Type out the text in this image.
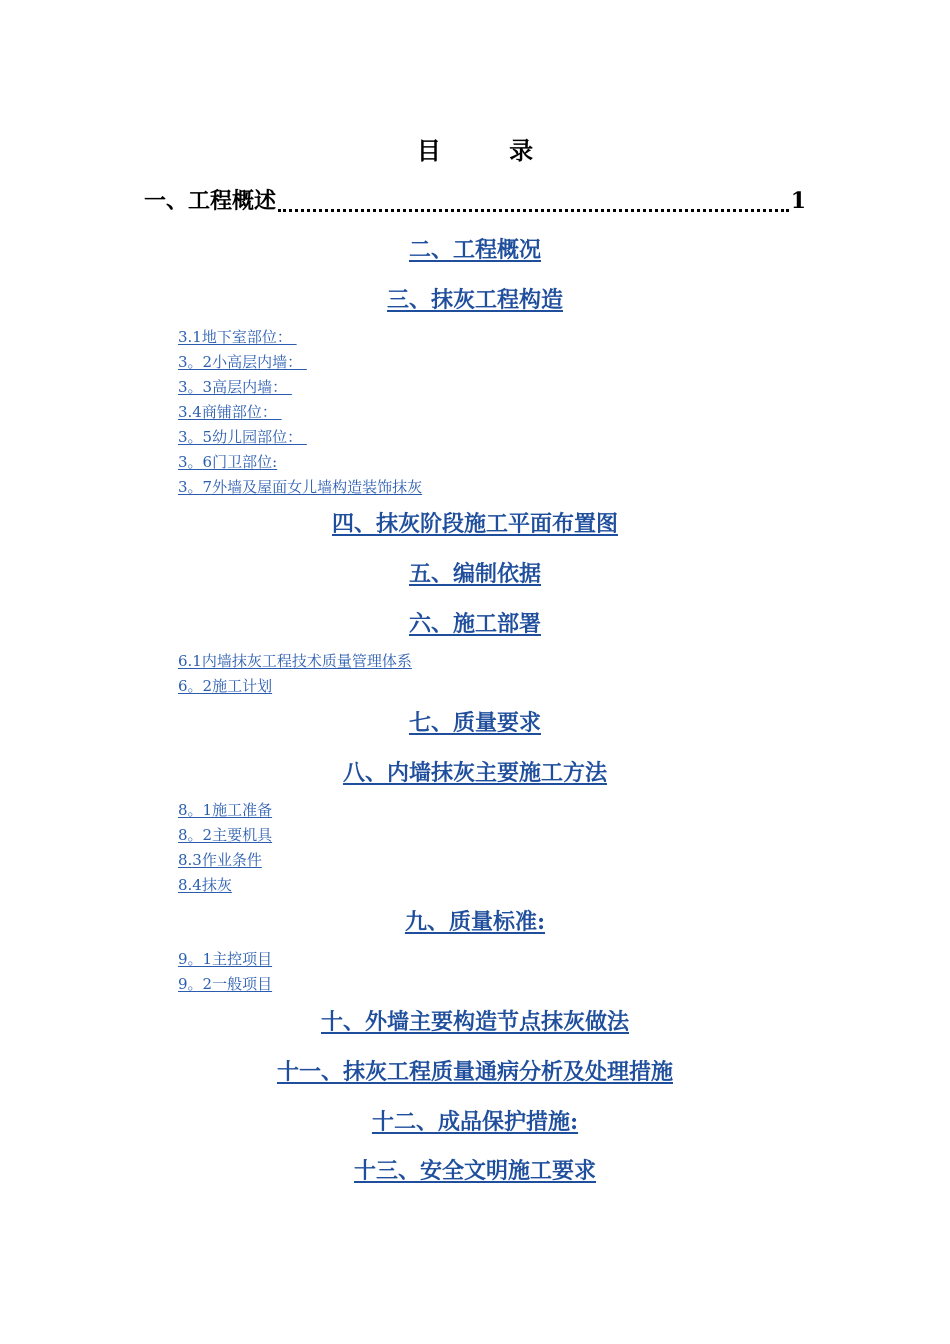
目 录
一、工程概述	1
二、工程概况
三、抹灰工程构造
3.1地下室部位：
3。2小高层内墙：
3。3高层内墙：
3.4商铺部位：
3。5幼儿园部位：
3。6门卫部位:
3。7外墙及屋面女儿墙构造装饰抹灰
四、抹灰阶段施工平面布置图
五、编制依据
六、施工部署
6.1内墙抹灰工程技术质量管理体系
6。2施工计划
七、质量要求
八、内墙抹灰主要施工方法
8。1施工准备
8。2主要机具
8.3作业条件
8.4抹灰
九、质量标准:
9。1主控项目
9。2一般项目
十、外墙主要构造节点抹灰做法
十一、抹灰工程质量通病分析及处理措施
十二、成品保护措施:
十三、安全文明施工要求
